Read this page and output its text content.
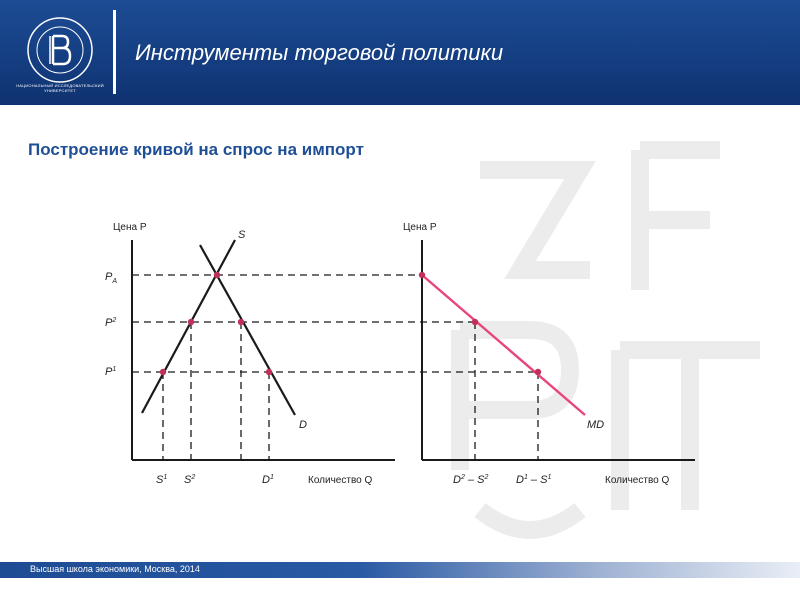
НАЦИОНАЛЬНЫЙ ИССЛЕДОВАТЕЛЬСКИЙ УНИВЕРСИТЕТ
Инструменты торговой политики
Построение кривой на спрос на импорт
Цена P
Количество Q
$P_A$
$P^2$
$P^1$
$S^1$ $S^2$	$D^1$
S
D
Цена P
Количество Q
MD
$D^2 - S^2$	$D^1 - S^1$
Высшая школа экономики, Москва, 2014
